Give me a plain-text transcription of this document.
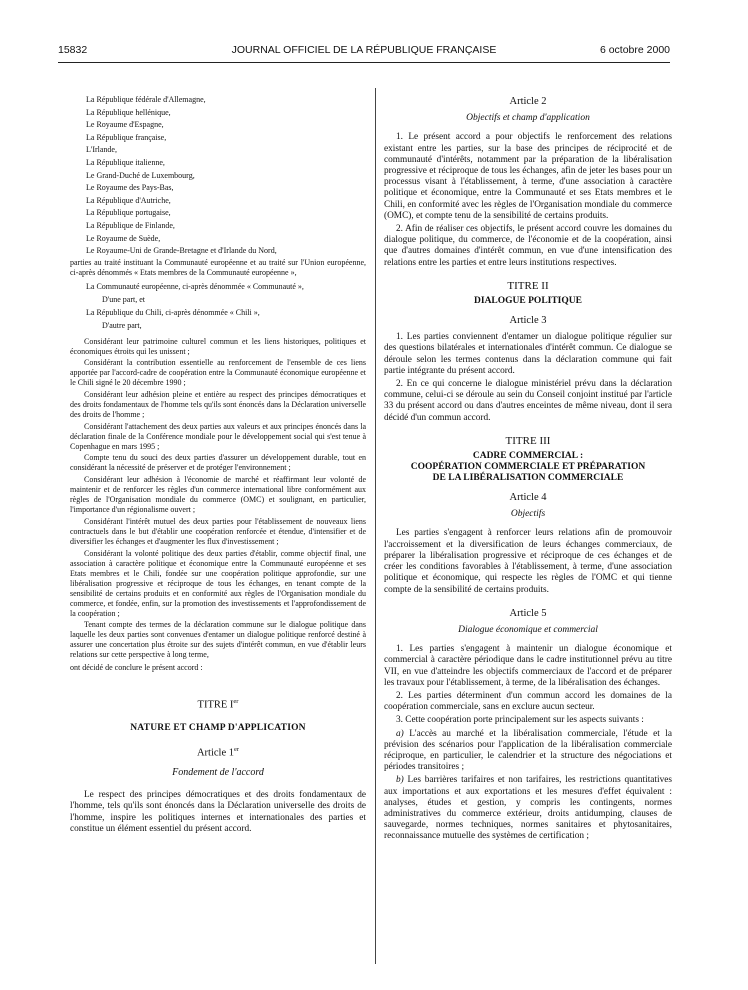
15832	JOURNAL OFFICIEL DE LA RÉPUBLIQUE FRANÇAISE	6 octobre 2000

La République fédérale d'Allemagne,

La République hellénique,

Le Royaume d'Espagne,

La République française,

L'Irlande,

La République italienne,

Le Grand-Duché de Luxembourg,

Le Royaume des Pays-Bas,

La République d'Autriche,

La République portugaise,

La République de Finlande,

Le Royaume de Suède,

Le Royaume-Uni de Grande-Bretagne et d'Irlande du Nord,

parties au traité instituant la Communauté européenne et au traité sur l'Union européenne, ci-après dénommés « Etats membres de la Communauté européenne »,

La Communauté européenne, ci-après dénommée « Communauté »,

D'une part, et

La République du Chili, ci-après dénommée « Chili »,

D'autre part,

Considérant leur patrimoine culturel commun et les liens historiques, politiques et économiques étroits qui les unissent ;

Considérant la contribution essentielle au renforcement de l'ensemble de ces liens apportée par l'accord-cadre de coopération entre la Communauté économique européenne et le Chili signé le 20 décembre 1990 ;

Considérant leur adhésion pleine et entière au respect des principes démocratiques et des droits fondamentaux de l'homme tels qu'ils sont énoncés dans la Déclaration universelle des droits de l'homme ;

Considérant l'attachement des deux parties aux valeurs et aux principes énoncés dans la déclaration finale de la Conférence mondiale pour le développement social qui s'est tenue à Copenhague en mars 1995 ;

Compte tenu du souci des deux parties d'assurer un développement durable, tout en considérant la nécessité de préserver et de protéger l'environnement ;

Considérant leur adhésion à l'économie de marché et réaffirmant leur volonté de maintenir et de renforcer les règles d'un commerce international libre conformément aux règles de l'Organisation mondiale du commerce (OMC) et soulignant, en particulier, l'importance d'un régionalisme ouvert ;

Considérant l'intérêt mutuel des deux parties pour l'établissement de nouveaux liens contractuels dans le but d'établir une coopération renforcée et étendue, d'intensifier et de diversifier les échanges et d'augmenter les flux d'investissement ;

Considérant la volonté politique des deux parties d'établir, comme objectif final, une association à caractère politique et économique entre la Communauté européenne et ses Etats membres et le Chili, fondée sur une coopération politique approfondie, sur une libéralisation progressive et réciproque de tous les échanges, en tenant compte de la sensibilité de certains produits et en conformité aux règles de l'Organisation mondiale du commerce, et fondée, enfin, sur la promotion des investissements et l'approfondissement de la coopération ;

Tenant compte des termes de la déclaration commune sur le dialogue politique dans laquelle les deux parties sont convenues d'entamer un dialogue politique renforcé destiné à assurer une concertation plus étroite sur des sujets d'intérêt commun, en vue d'établir leurs relations sur cette perspective à long terme,

ont décidé de conclure le présent accord :

TITRE Ier
NATURE ET CHAMP D'APPLICATION
Article 1er
Fondement de l'accord

Le respect des principes démocratiques et des droits fondamentaux de l'homme, tels qu'ils sont énoncés dans la Déclaration universelle des droits de l'homme, inspire les politiques internes et internationales des parties et constitue un élément essentiel du présent accord.

Article 2
Objectifs et champ d'application

1. Le présent accord a pour objectifs le renforcement des relations existant entre les parties, sur la base des principes de réciprocité et de communauté d'intérêts, notamment par la préparation de la libéralisation progressive et réciproque de tous les échanges, afin de jeter les bases pour un processus visant à l'établissement, à terme, d'une association à caractère politique et économique, entre la Communauté et ses Etats membres et le Chili, en conformité avec les règles de l'Organisation mondiale du commerce (OMC), et compte tenu de la sensibilité de certains produits.

2. Afin de réaliser ces objectifs, le présent accord couvre les domaines du dialogue politique, du commerce, de l'économie et de la coopération, ainsi que d'autres domaines d'intérêt commun, en vue d'une intensification des relations entre les parties et entre leurs institutions respectives.

TITRE II
DIALOGUE POLITIQUE
Article 3

1. Les parties conviennent d'entamer un dialogue politique régulier sur des questions bilatérales et internationales d'intérêt commun. Ce dialogue se déroule selon les termes contenus dans la déclaration commune qui fait partie intégrante du présent accord.

2. En ce qui concerne le dialogue ministériel prévu dans la déclaration commune, celui-ci se déroule au sein du Conseil conjoint institué par l'article 33 du présent accord ou dans d'autres enceintes de même niveau, dont il sera décidé d'un commun accord.

TITRE III
CADRE COMMERCIAL :
COOPÉRATION COMMERCIALE ET PRÉPARATION
DE LA LIBÉRALISATION COMMERCIALE
Article 4
Objectifs

Les parties s'engagent à renforcer leurs relations afin de promouvoir l'accroissement et la diversification de leurs échanges commerciaux, de préparer la libéralisation progressive et réciproque de ces échanges et de créer les conditions favorables à l'établissement, à terme, d'une association politique et économique, qui respecte les règles de l'OMC et qui tienne compte de la sensibilité de certains produits.

Article 5
Dialogue économique et commercial

1. Les parties s'engagent à maintenir un dialogue économique et commercial à caractère périodique dans le cadre institutionnel prévu au titre VII, en vue d'atteindre les objectifs commerciaux de l'accord et de préparer les travaux pour l'établissement, à terme, de la libéralisation des échanges.

2. Les parties déterminent d'un commun accord les domaines de la coopération commerciale, sans en exclure aucun secteur.

3. Cette coopération porte principalement sur les aspects suivants :

a) L'accès au marché et la libéralisation commerciale, l'étude et la prévision des scénarios pour l'application de la libéralisation commerciale réciproque, en particulier, le calendrier et la structure des négociations et périodes transitoires ;

b) Les barrières tarifaires et non tarifaires, les restrictions quantitatives aux importations et aux exportations et les mesures d'effet équivalent : analyses, études et gestion, y compris les contingents, normes administratives du commerce extérieur, droits antidumping, clauses de sauvegarde, normes techniques, normes sanitaires et phytosanitaires, reconnaissance mutuelle des systèmes de certification ;
